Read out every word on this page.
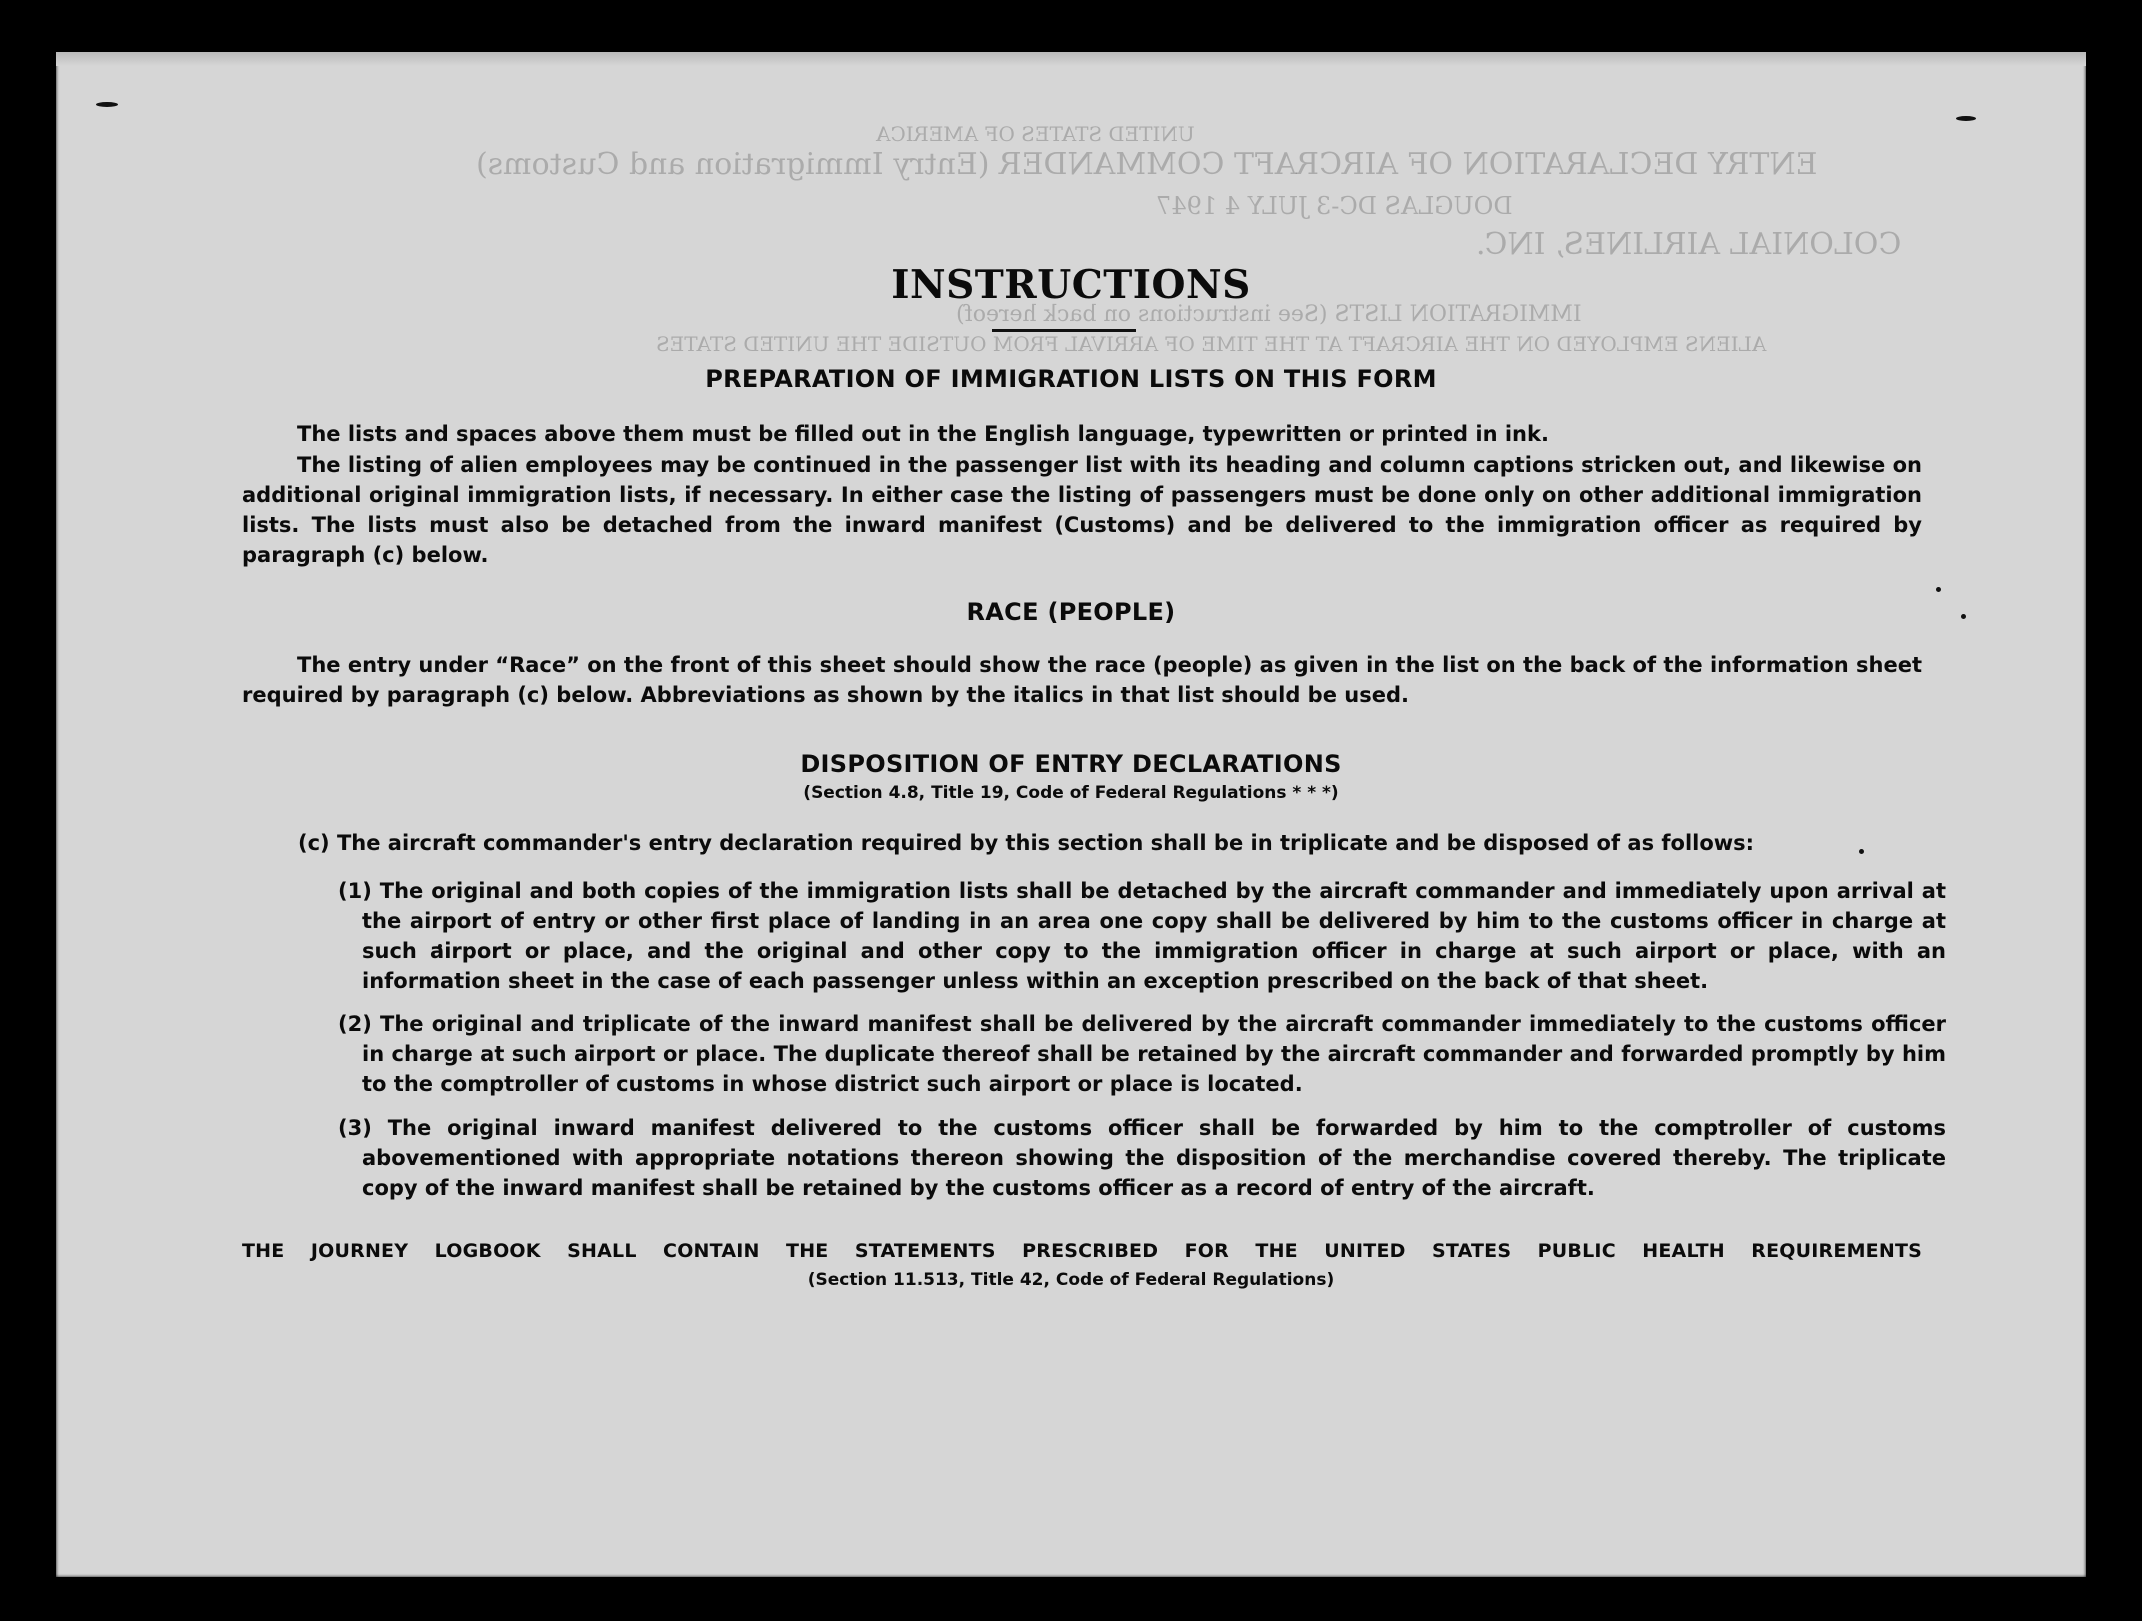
UNITED STATES OF AMERICA
ENTRY DECLARATION OF AIRCRAFT COMMANDER (Entry Immigration and Customs)
COLONIAL AIRLINES, INC.
JULY 4 1947 DOUGLAS DC-3
IMMIGRATION LISTS (See instructions on back hereof)
ALIENS EMPLOYED ON THE AIRCRAFT AT THE TIME OF ARRIVAL FROM OUTSIDE THE UNITED STATES
INSTRUCTIONS
PREPARATION OF IMMIGRATION LISTS ON THIS FORM
The lists and spaces above them must be filled out in the English language, typewritten or printed in ink.
The listing of alien employees may be continued in the passenger list with its heading and column captions stricken out, and likewise on additional original immigration lists, if necessary. In either case the listing of passengers must be done only on other additional immigration lists. The lists must also be detached from the inward manifest (Customs) and be delivered to the immigration officer as required by paragraph (c) below.
RACE (PEOPLE)
The entry under “Race” on the front of this sheet should show the race (people) as given in the list on the back of the information sheet required by paragraph (c) below. Abbreviations as shown by the italics in that list should be used.
DISPOSITION OF ENTRY DECLARATIONS
(Section 4.8, Title 19, Code of Federal Regulations * * *)
(c) The aircraft commander's entry declaration required by this section shall be in triplicate and be disposed of as follows:
(1) The original and both copies of the immigration lists shall be detached by the aircraft commander and immediately upon arrival at the airport of entry or other first place of landing in an area one copy shall be delivered by him to the customs officer in charge at such airport or place, and the original and other copy to the immigration officer in charge at such airport or place, with an information sheet in the case of each passenger unless within an exception prescribed on the back of that sheet.
(2) The original and triplicate of the inward manifest shall be delivered by the aircraft commander immediately to the customs officer in charge at such airport or place. The duplicate thereof shall be retained by the aircraft commander and forwarded promptly by him to the comptroller of customs in whose district such airport or place is located.
(3) The original inward manifest delivered to the customs officer shall be forwarded by him to the comptroller of customs abovementioned with appropriate notations thereon showing the disposition of the merchandise covered thereby. The triplicate copy of the inward manifest shall be retained by the customs officer as a record of entry of the aircraft.
THE JOURNEY LOGBOOK SHALL CONTAIN THE STATEMENTS PRESCRIBED FOR THE UNITED STATES PUBLIC HEALTH REQUIREMENTS
(Section 11.513, Title 42, Code of Federal Regulations)
